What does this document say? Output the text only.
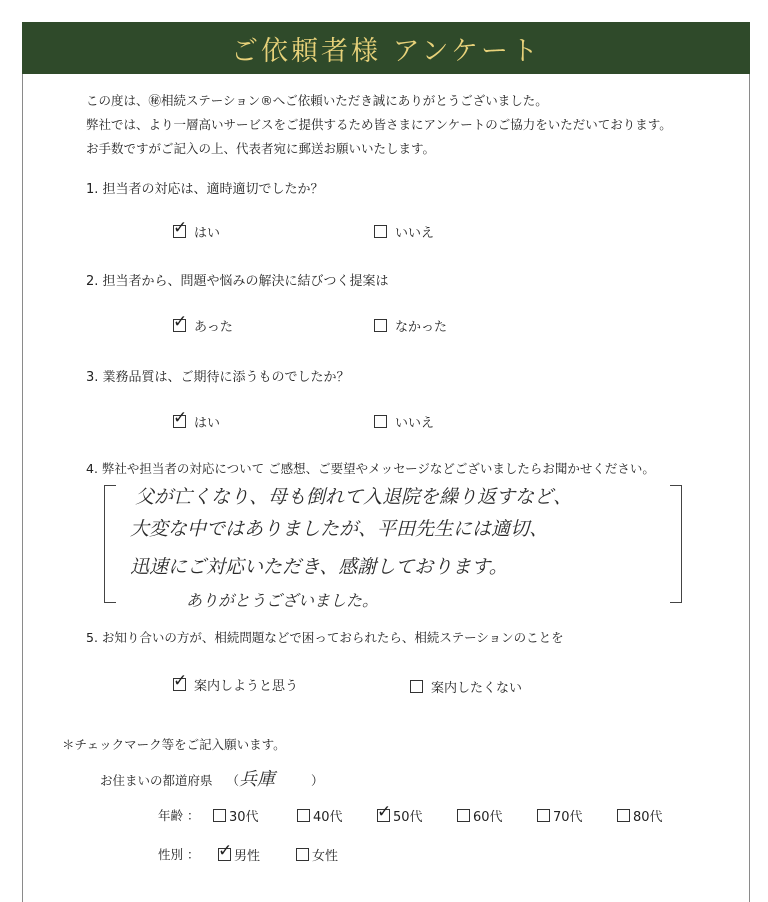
ご依頼者様 アンケート
この度は、㊙相続ステーション®へご依頼いただき誠にありがとうございました。
弊社では、より一層高いサービスをご提供するため皆さまにアンケートのご協力をいただいております。
お手数ですがご記入の上、代表者宛に郵送お願いいたします。
1. 担当者の対応は、適時適切でしたか？
✓ はい	いいえ
2. 担当者から、問題や悩みの解決に結びつく提案は
✓ あった	なかった
3. 業務品質は、ご期待に添うものでしたか？
✓ はい	いいえ
4. 弊社や担当者の対応について ご感想、ご要望やメッセージなどございましたらお聞かせください。
父が亡くなり、母も倒れて入退院を繰り返すなど、
大変な中ではありましたが、平田先生には適切、
迅速にご対応いただき、感謝しております。
ありがとうございました。
5. お知り合いの方が、相続問題などで困っておられたら、相続ステーションのことを
✓ 案内しようと思う	案内したくない
＊チェックマーク等をご記入願います。
お住まいの都道府県 （ 兵庫	）
年齢 ： 30代	40代 ✓ 50代	60代	70代	80代
性別 ： ✓ 男性	女性
